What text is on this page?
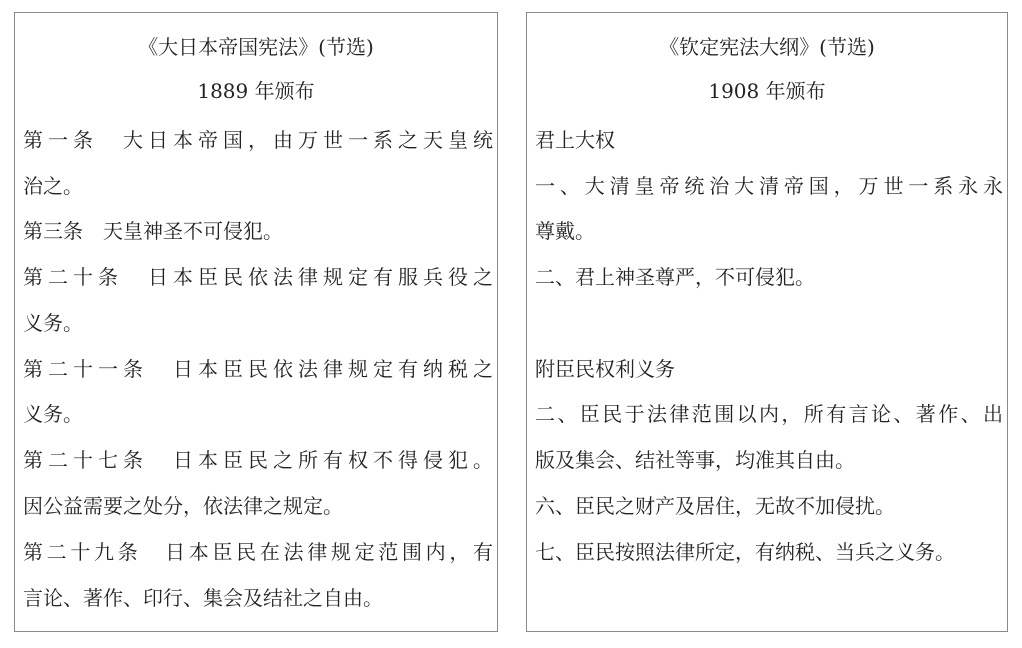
《大日本帝国宪法》(节选)
1889 年颁布
第一条　大日本帝国，由万世一系之天皇统
治之。
第三条　天皇神圣不可侵犯。
第二十条　日本臣民依法律规定有服兵役之
义务。
第二十一条　日本臣民依法律规定有纳税之
义务。
第二十七条　日本臣民之所有权不得侵犯。
因公益需要之处分，依法律之规定。
第二十九条　日本臣民在法律规定范围内，有
言论、著作、印行、集会及结社之自由。
《钦定宪法大纲》(节选)
1908 年颁布
君上大权
一、大清皇帝统治大清帝国，万世一系永永
尊戴。
二、君上神圣尊严，不可侵犯。
附臣民权利义务
二、臣民于法律范围以内，所有言论、著作、出
版及集会、结社等事，均准其自由。
六、臣民之财产及居住，无故不加侵扰。
七、臣民按照法律所定，有纳税、当兵之义务。
